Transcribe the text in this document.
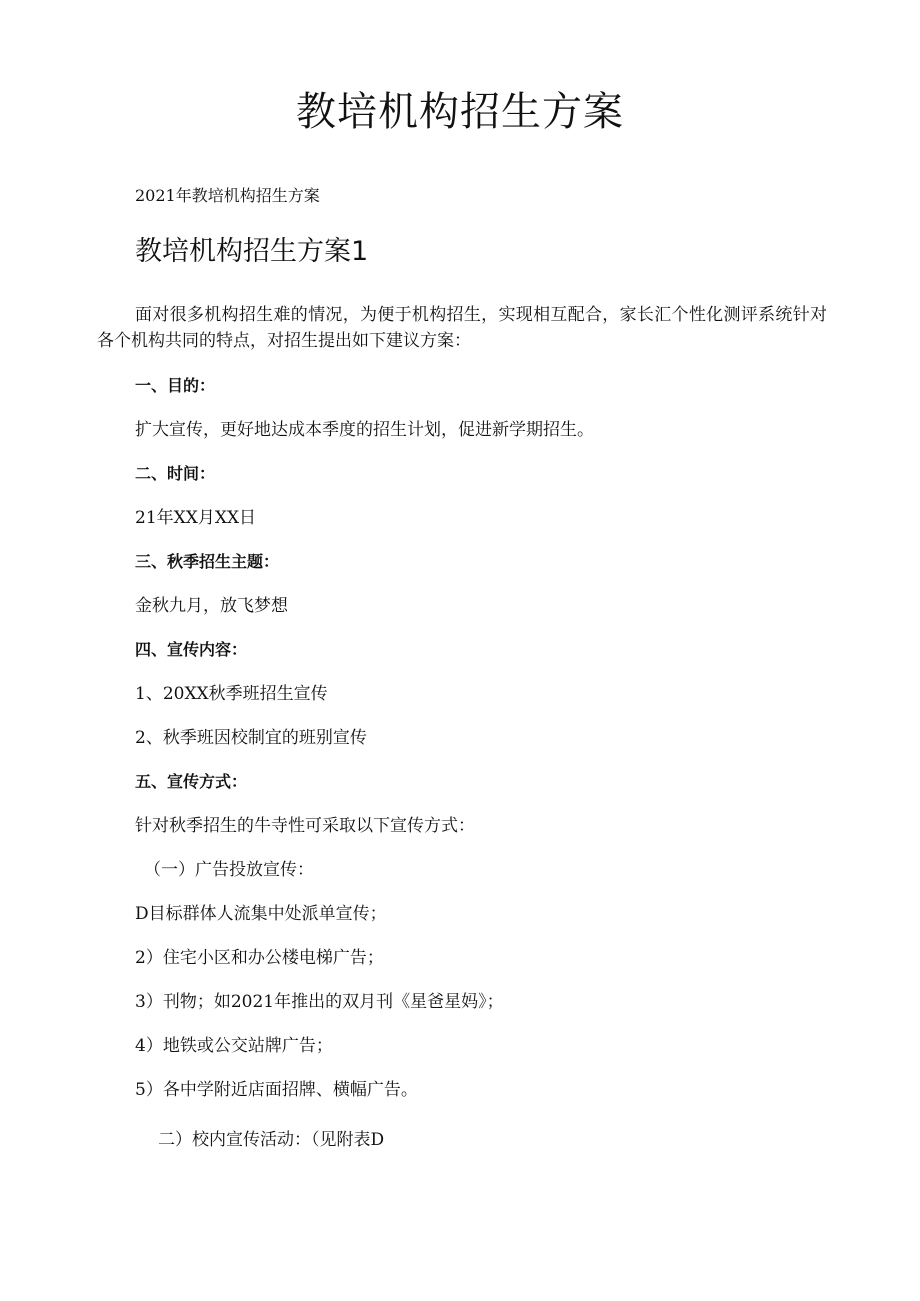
教培机构招生方案
2021年教培机构招生方案
教培机构招生方案1
面对很多机构招生难的情况，为便于机构招生，实现相互配合，家长汇个性化测评系统针对各个机构共同的特点，对招生提出如下建议方案：
一、目的：
扩大宣传，更好地达成本季度的招生计划，促进新学期招生。
二、时间：
21年XX月XX日
三、秋季招生主题：
金秋九月，放飞梦想
四、宣传内容：
1、20XX秋季班招生宣传
2、秋季班因校制宜的班别宣传
五、宣传方式：
针对秋季招生的牛寺性可采取以下宣传方式：
（一）广告投放宣传：
D目标群体人流集中处派单宣传；
2）住宅小区和办公楼电梯广告；
3）刊物；如2021年推出的双月刊《星爸星妈》；
4）地铁或公交站牌广告；
5）各中学附近店面招牌、横幅广告。
二）校内宣传活动：（见附表D
